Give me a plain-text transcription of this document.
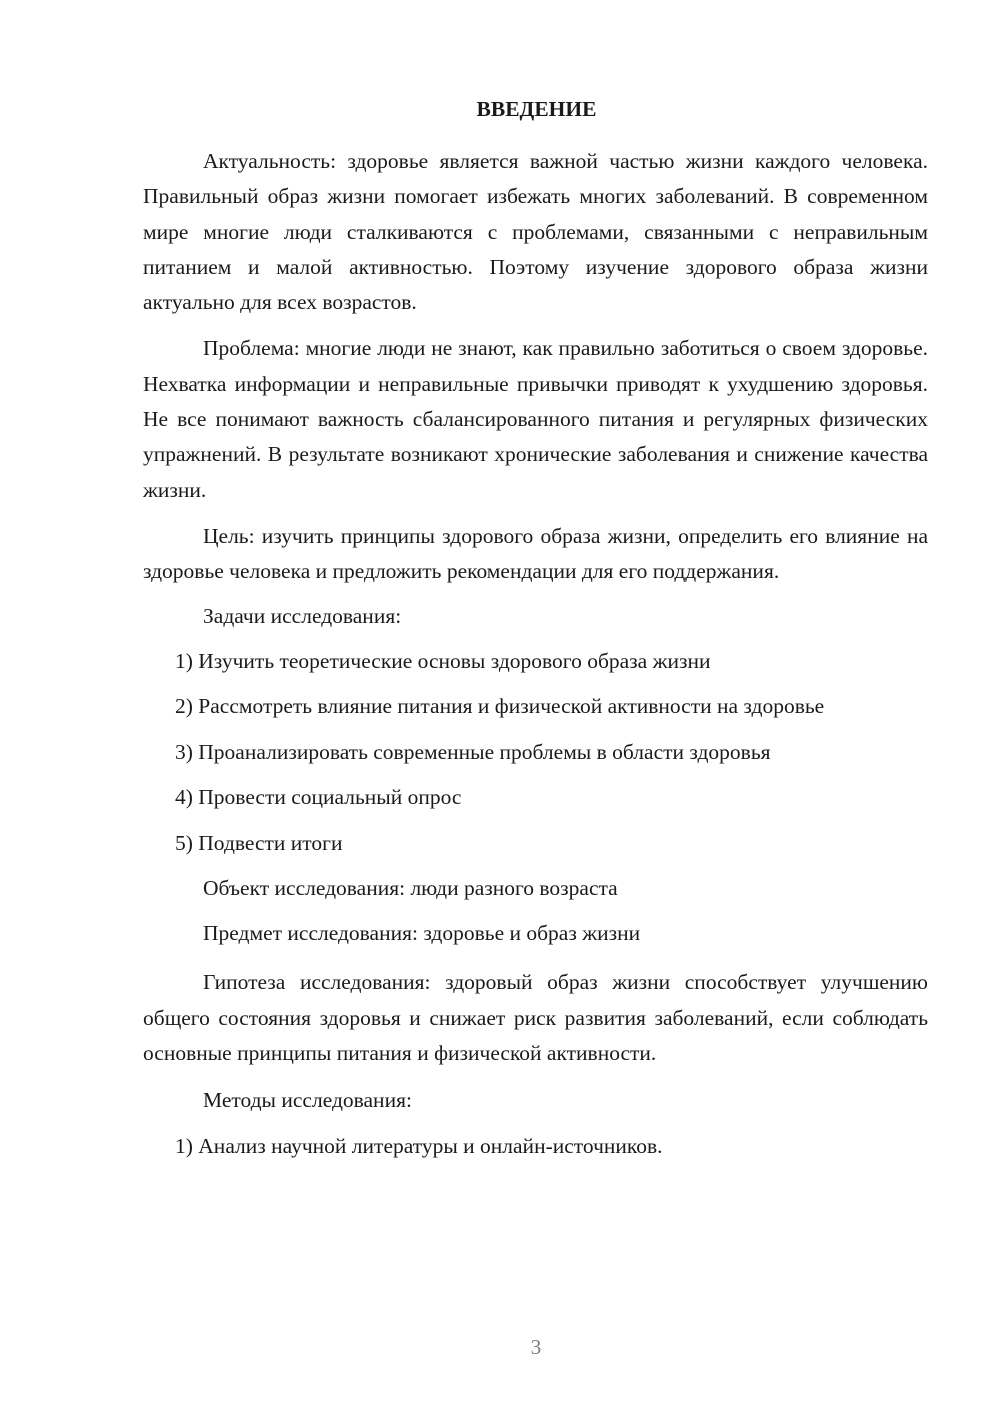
ВВЕДЕНИЕ

Актуальность: здоровье является важной частью жизни каждого человека. Правильный образ жизни помогает избежать многих заболеваний. В современном мире многие люди сталкиваются с проблемами, связанными с неправильным питанием и малой активностью. Поэтому изучение здорового образа жизни актуально для всех возрастов.

Проблема: многие люди не знают, как правильно заботиться о своем здоровье. Нехватка информации и неправильные привычки приводят к ухудшению здоровья. Не все понимают важность сбалансированного питания и регулярных физических упражнений. В результате возникают хронические заболевания и снижение качества жизни.

Цель: изучить принципы здорового образа жизни, определить его влияние на здоровье человека и предложить рекомендации для его поддержания.

Задачи исследования:

1) Изучить теоретические основы здорового образа жизни

2) Рассмотреть влияние питания и физической активности на здоровье

3) Проанализировать современные проблемы в области здоровья

4) Провести социальный опрос

5) Подвести итоги

Объект исследования: люди разного возраста

Предмет исследования: здоровье и образ жизни

Гипотеза исследования: здоровый образ жизни способствует улучшению общего состояния здоровья и снижает риск развития заболеваний, если соблюдать основные принципы питания и физической активности.

Методы исследования:

1) Анализ научной литературы и онлайн-источников.

3
